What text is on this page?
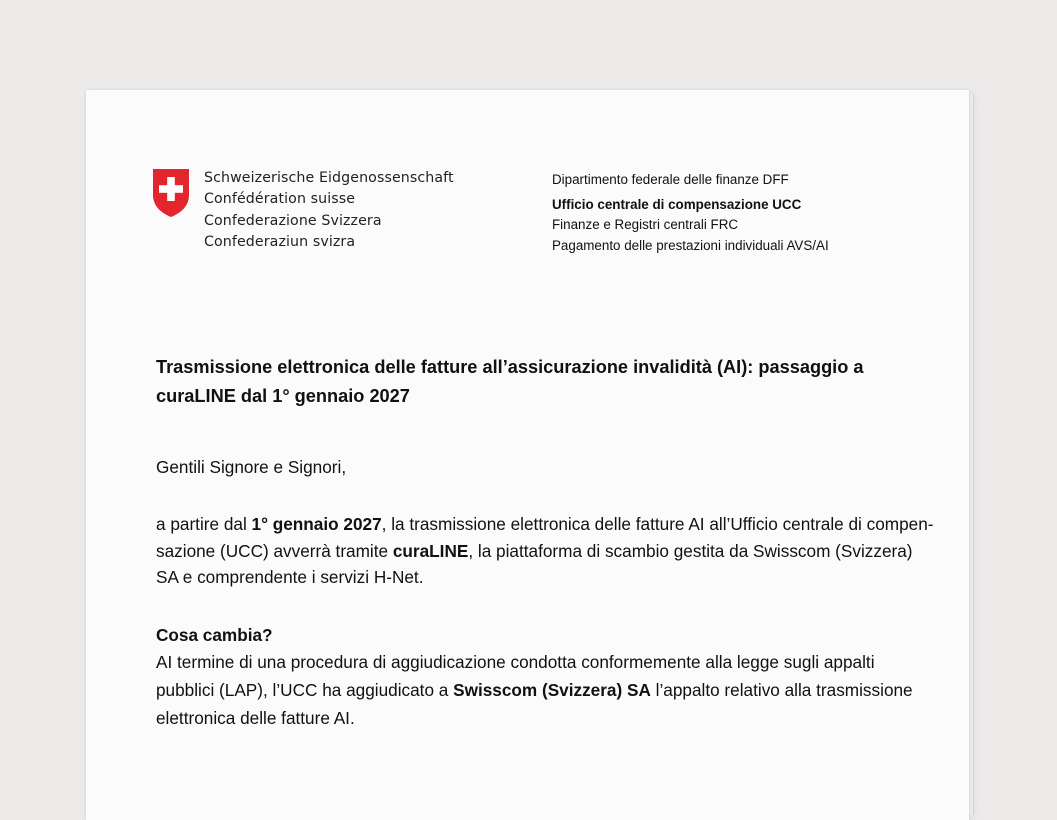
Schweizerische Eidgenossenschaft
Confédération suisse
Confederazione Svizzera
Confederaziun svizra
Dipartimento federale delle finanze DFF
Ufficio centrale di compensazione UCC
Finanze e Registri centrali FRC
Pagamento delle prestazioni individuali AVS/AI

Trasmissione elettronica delle fatture all’assicurazione invalidità (AI): passaggio a curaLINE dal 1° gennaio 2027

Gentili Signore e Signori,

a partire dal 1° gennaio 2027, la trasmissione elettronica delle fatture AI all’Ufficio centrale di compen-sazione (UCC) avverrà tramite curaLINE, la piattaforma di scambio gestita da Swisscom (Svizzera) SA e comprendente i servizi H-Net.

Cosa cambia?

AI termine di una procedura di aggiudicazione condotta conformemente alla legge sugli appalti pubblici (LAP), l’UCC ha aggiudicato a Swisscom (Svizzera) SA l’appalto relativo alla trasmissione elettronica delle fatture AI.
